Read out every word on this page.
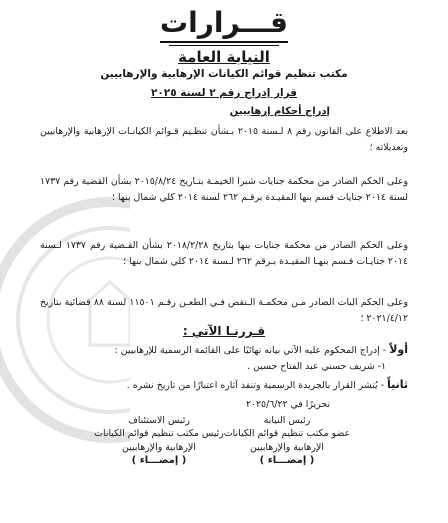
قـــرارات
النيابة العامة
مكتب تنظيم قوائم الكيانات الإرهابية والإرهابيين
قرار إدراج رقم ٢ لسنة ٢٠٢٥
إدراج أحكام إرهابيين
بعد الاطلاع على القانون رقم ٨ لـسنة ٢٠١٥ بـشأن تنظـيم قـوائم الكيانـات الإرهابية والإرهابيين وتعديلاته ؛
وعلى الحكم الصادر من محكمة جنايات شبرا الخيمـة بتـاريخ ٢٠١٥/٨/٢٤ بشأن القضية رقم ١٧٣٧ لسنة ٢٠١٤ جنايات قسم بنها المقيـدة برقـم ٢٦٢ لسنة ٢٠١٤ كلي شمال بنها ؛
وعلى الحكم الصادر من محكمة جنايات بنها بتاريخ ٢٠١٨/٢/٢٨ بشأن القـضية رقم ١٧٣٧ لـسنة ٢٠١٤ جنايـات قـسم بنهـا المقيـدة بـرقم ٢٦٢ لـسنة ٢٠١٤ كلي شمال بنها ؛
وعلى الحكم البات الصادر مـن محكمـة الـنقض فـي الطعـن رقـم ١١٥٠١ لسنة ٨٨ قضائية بتاريخ ٢٠٢١/٤/١٢ ؛
قـررنـا الآتي :
أولاً - إدراج المحكوم عليه الآتي بيانه نهائيًا على القائمة الرسمية للإرهابيين :
١- شريف حسني عبد الفتاح حسين .
ثانياً - يُنشر القرار بالجريدة الرسمية وتنفذ آثاره اعتبارًا من تاريخ نشره .
تحريرًا في ٢٠٢٥/٦/٢٢
رئيس النيابة
عضو مكتب تنظيم قوائم الكيانات
الإرهابية والإرهابيين
( إمضـــاء )
رئيس الاستئناف
رئيس مكتب تنظيم قوائم الكيانات
الإرهابية والإرهابيين
( إمضـــاء )
